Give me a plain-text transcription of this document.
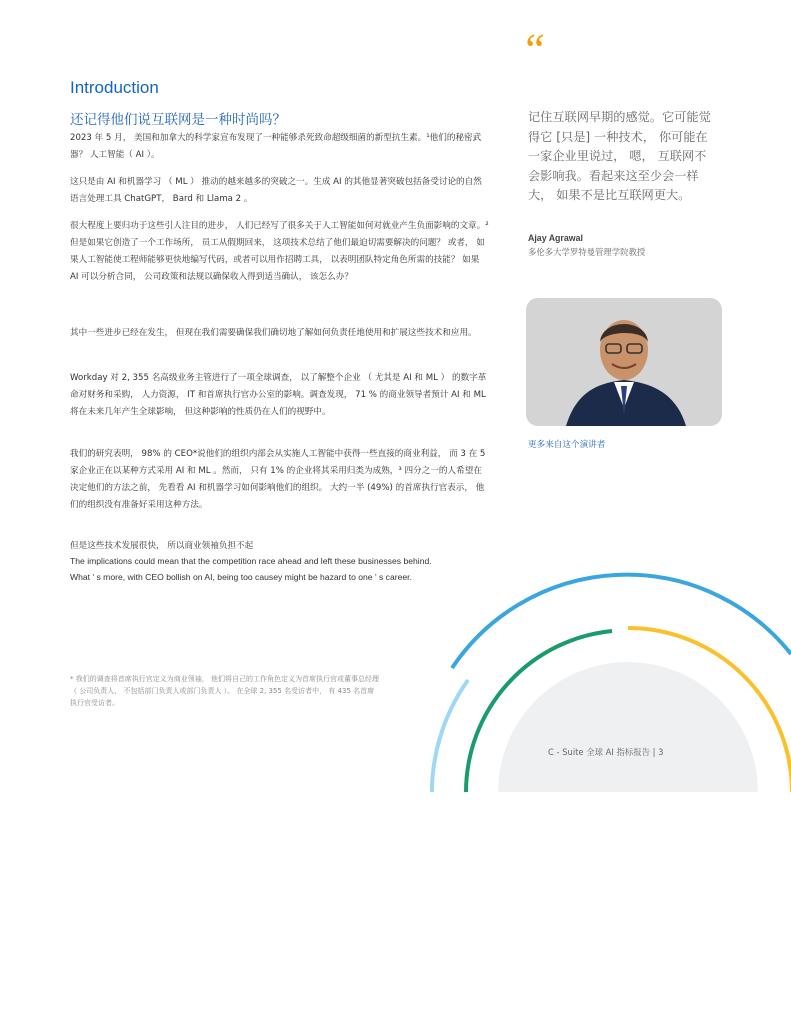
Introduction
还记得他们说互联网是一种时尚吗？

2023 年 5 月， 美国和加拿大的科学家宣布发现了一种能够杀死致命超级细菌的新型抗生素。¹他们的秘密武器？ 人工智能（ AI ）。

这只是由 AI 和机器学习 （ ML ） 推动的越来越多的突破之一。生成 AI 的其他显著突破包括备受讨论的自然语言处理工具 ChatGPT， Bard 和 Llama 2 。

很大程度上要归功于这些引人注目的进步， 人们已经写了很多关于人工智能如何对就业产生负面影响的文章。²但是如果它创造了一个工作场所， 员工从假期回来， 这项技术总结了他们最迫切需要解决的问题？ 或者， 如果人工智能使工程师能够更快地编写代码，或者可以用作招聘工具， 以表明团队特定角色所需的技能？ 如果 AI 可以分析合同， 公司政策和法规以确保收入得到适当确认， 该怎么办？

其中一些进步已经在发生， 但现在我们需要确保我们确切地了解如何负责任地使用和扩展这些技术和应用。

Workday 对 2, 355 名高级业务主管进行了一项全球调查， 以了解整个企业 （ 尤其是 AI 和 ML ） 的数字革命对财务和采购， 人力资源， IT 和首席执行官办公室的影响。调查发现， 71 % 的商业领导者预计 AI 和 ML 将在未来几年产生全球影响， 但这种影响的性质仍在人们的视野中。

我们的研究表明， 98% 的 CEO*说他们的组织内部会从实施人工智能中获得一些直接的商业利益， 而 3 在 5 家企业正在以某种方式采用 AI 和 ML 。然而， 只有 1% 的企业将其采用归类为成熟，³ 四分之一的人希望在决定他们的方法之前， 先看看 AI 和机器学习如何影响他们的组织。 大约一半 (49%) 的首席执行官表示， 他们的组织没有准备好采用这种方法。

但是这些技术发展很快， 所以商业领袖负担不起

The implications could mean that the competition race ahead and left these businesses behind.

What ' s more, with CEO bollish on AI, being too causey might be hazard to one ' s career.

“

记住互联网早期的感觉。它可能觉得它 [只是] 一种技术， 你可能在一家企业里说过， 嗯， 互联网不会影响我。看起来这至少会一样大， 如果不是比互联网更大。

Ajay Agrawal
多伦多大学罗特曼管理学院教授
更多来自这个演讲者

* 我们的调查将首席执行官定义为商业领袖， 他们将自己的工作角色定义为首席执行官或董事总经理 （ 公司负责人， 不包括部门负责人或部门负责人 ）。 在全球 2, 355 名受访者中， 有 435 名首席执行官受访者。

C - Suite 全球 AI 指标报告 | 3
